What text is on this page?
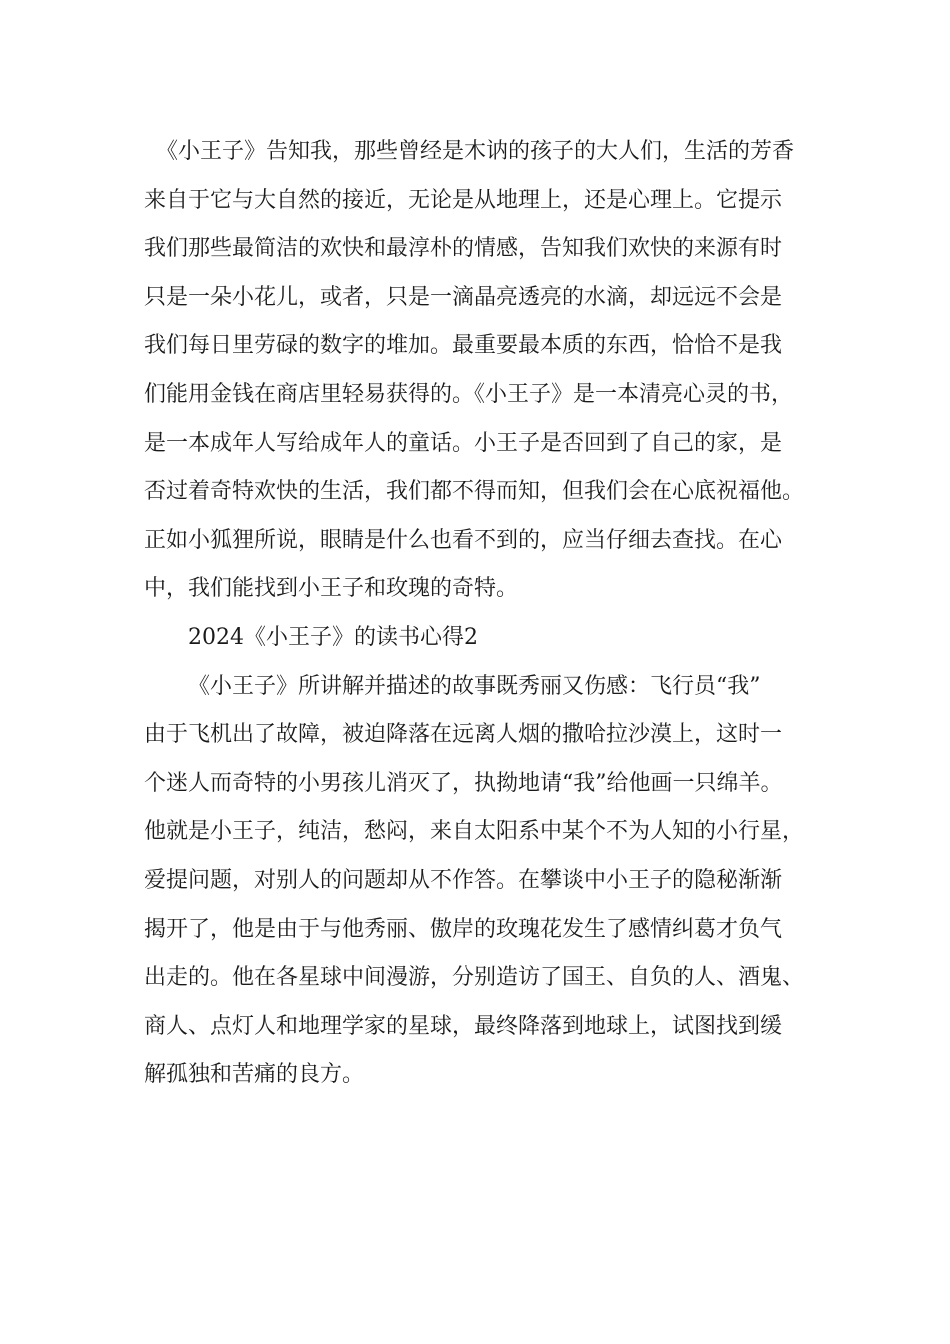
《小王子》告知我，那些曾经是木讷的孩子的大人们，生活的芳香
来自于它与大自然的接近，无论是从地理上，还是心理上。它提示
我们那些最简洁的欢快和最淳朴的情感，告知我们欢快的来源有时
只是一朵小花儿，或者，只是一滴晶亮透亮的水滴，却远远不会是
我们每日里劳碌的数字的堆加。最重要最本质的东西，恰恰不是我
们能用金钱在商店里轻易获得的。《小王子》是一本清亮心灵的书，
是一本成年人写给成年人的童话。小王子是否回到了自己的家，是
否过着奇特欢快的生活，我们都不得而知，但我们会在心底祝福他。
正如小狐狸所说，眼睛是什么也看不到的，应当仔细去查找。在心
中，我们能找到小王子和玫瑰的奇特。
2024《小王子》的读书心得2
《小王子》所讲解并描述的故事既秀丽又伤感：飞行员“我”
由于飞机出了故障，被迫降落在远离人烟的撒哈拉沙漠上，这时一
个迷人而奇特的小男孩儿消灭了，执拗地请“我”给他画一只绵羊。
他就是小王子，纯洁，愁闷，来自太阳系中某个不为人知的小行星，
爱提问题，对别人的问题却从不作答。在攀谈中小王子的隐秘渐渐
揭开了，他是由于与他秀丽、傲岸的玫瑰花发生了感情纠葛才负气
出走的。他在各星球中间漫游，分别造访了国王、自负的人、酒鬼、
商人、点灯人和地理学家的星球，最终降落到地球上，试图找到缓
解孤独和苦痛的良方。
